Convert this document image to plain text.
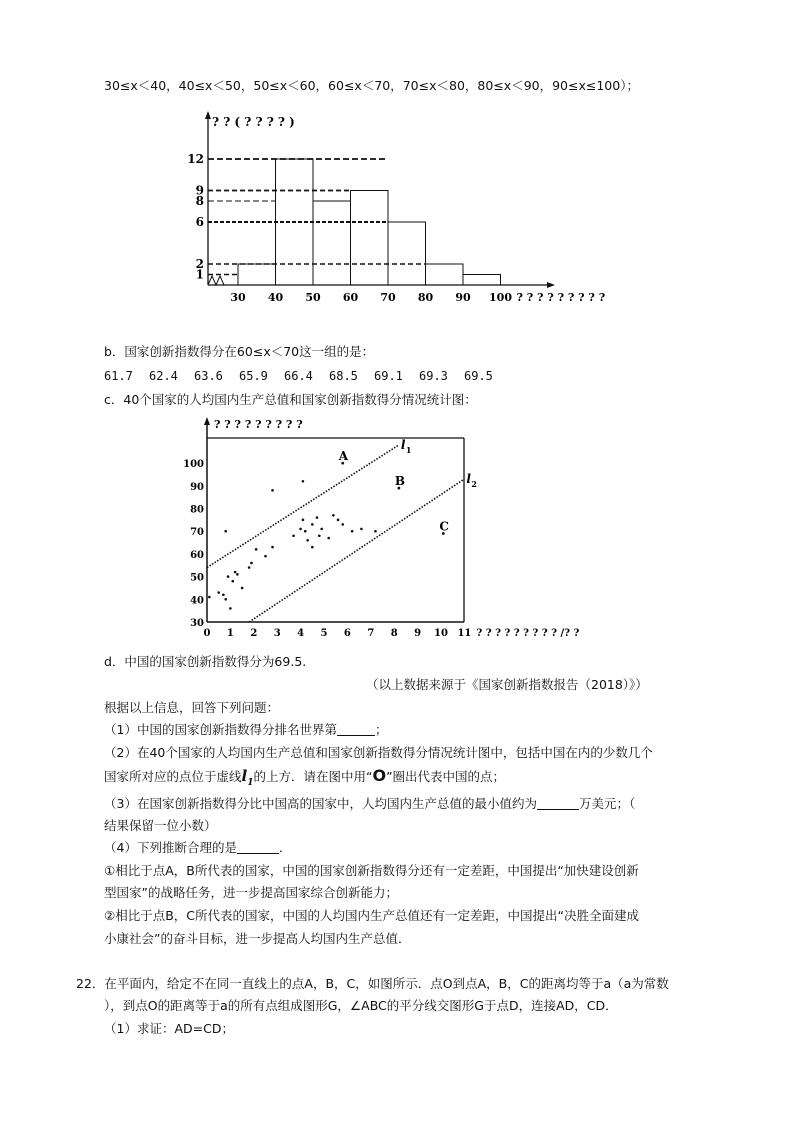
30≤x＜40，40≤x＜50，50≤x＜60，60≤x＜70，70≤x＜80，80≤x＜90，90≤x≤100）；
? ? ( ? ? ? ? )
1
2
6
8
9
12
30 40 50 60 70 80 90 100 ? ? ? ? ? ? ? ? ?
b．国家创新指数得分在60≤x＜70这一组的是：
61.7 62.4 63.6 65.9 66.4 68.5 69.1 69.3 69.5
c．40个国家的人均国内生产总值和国家创新指数得分情况统计图：
? ? ? ? ? ? ? ? ?
30
40
50
60
70
80
90
100
0 1 2 3 4 5 6 7 8 9 10 11 ? ? ? ? ? ? ? ? ? /? ?
l 1
l 2
A
B
C
d．中国的国家创新指数得分为69.5.
（以上数据来源于《国家创新指数报告（2018）》）
根据以上信息，回答下列问题：
（1）中国的国家创新指数得分排名世界第	；
（2）在40个国家的人均国内生产总值和国家创新指数得分情况统计图中，包括中国在内的少数几个
国家所对应的点位于虚线$l_1$的上方．请在图中用“O”圈出代表中国的点；
（3）在国家创新指数得分比中国高的国家中，人均国内生产总值的最小值约为	万美元；（
结果保留一位小数）
（4）下列推断合理的是	．
①相比于点A，B所代表的国家，中国的国家创新指数得分还有一定差距，中国提出“加快建设创新
型国家”的战略任务，进一步提高国家综合创新能力；
②相比于点B，C所代表的国家，中国的人均国内生产总值还有一定差距，中国提出“决胜全面建成
小康社会”的奋斗目标，进一步提高人均国内生产总值．
22．在平面内，给定不在同一直线上的点A，B，C，如图所示．点O到点A，B，C的距离均等于a（a为常数
），到点O的距离等于a的所有点组成图形G，∠ABC的平分线交图形G于点D，连接AD，CD．
（1）求证：AD=CD；
